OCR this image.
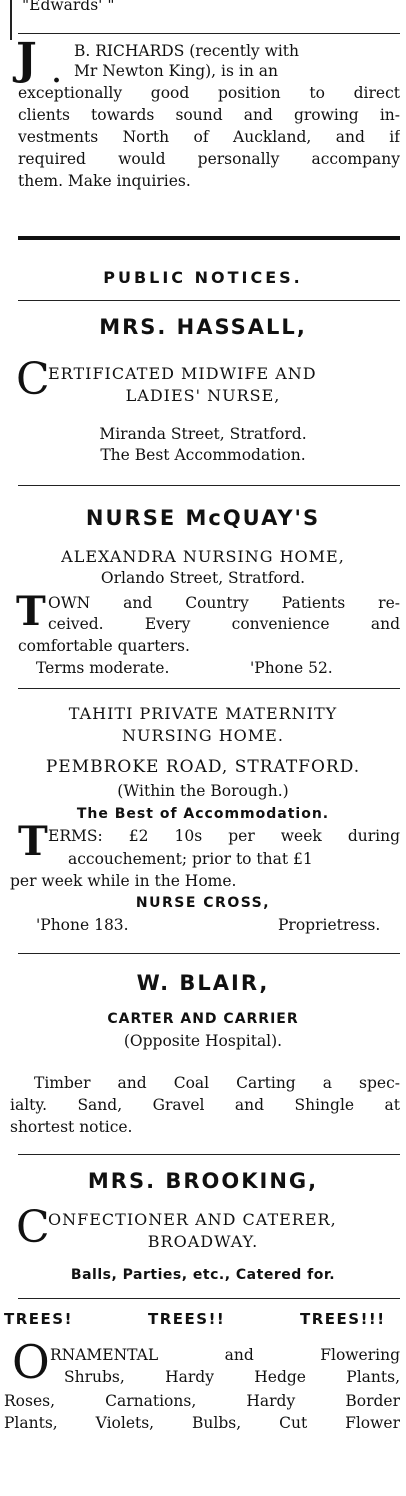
"Edwards' "
J .
B. RICHARDS (recently with
Mr Newton King), is in an
exceptionally good position to direct
clients towards sound and growing in-
vestments North of Auckland, and if
required would personally accompany
them. Make inquiries.
PUBLIC NOTICES.
MRS. HASSALL,
C
ERTIFICATED MIDWIFE AND
LADIES' NURSE,
Miranda Street, Stratford.
The Best Accommodation.
NURSE McQUAY'S
ALEXANDRA NURSING HOME,
Orlando Street, Stratford.
T OWN and Country Patients re-
ceived. Every convenience and
comfortable quarters.
Terms moderate.	'Phone 52.
TAHITI PRIVATE MATERNITY
NURSING HOME.
PEMBROKE ROAD, STRATFORD.
(Within the Borough.)
The Best of Accommodation.
T ERMS: £2 10s per week during
accouchement; prior to that £1
per week while in the Home.
NURSE CROSS,
'Phone 183.	Proprietress.
W. BLAIR,
CARTER AND CARRIER
(Opposite Hospital).
Timber and Coal Carting a spec-
ialty. Sand, Gravel and Shingle at
shortest notice.
MRS. BROOKING,
C
ONFECTIONER AND CATERER,
BROADWAY.
Balls, Parties, etc., Catered for.
TREES!	TREES!!	TREES!!!
O RNAMENTAL and Flowering
Shrubs, Hardy Hedge Plants,
Roses, Carnations, Hardy Border
Plants, Violets, Bulbs, Cut Flower
